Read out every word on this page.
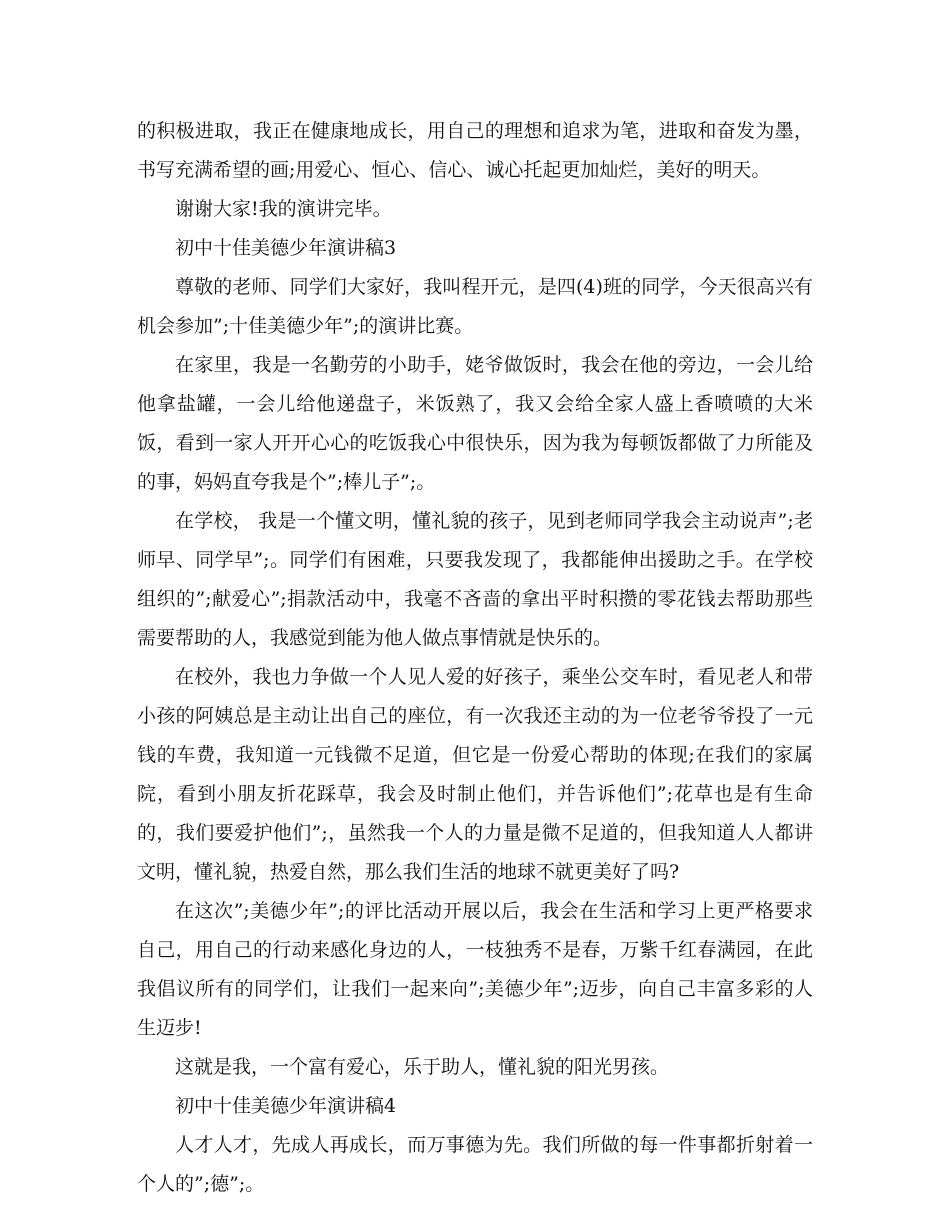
的积极进取，我正在健康地成长，用自己的理想和追求为笔，进取和奋发为墨，书写充满希望的画;用爱心、恒心、信心、诚心托起更加灿烂，美好的明天。

谢谢大家!我的演讲完毕。

初中十佳美德少年演讲稿3

尊敬的老师、同学们大家好，我叫程开元，是四(4)班的同学，今天很高兴有机会参加”;十佳美德少年”;的演讲比赛。

在家里，我是一名勤劳的小助手，姥爷做饭时，我会在他的旁边，一会儿给他拿盐罐，一会儿给他递盘子，米饭熟了，我又会给全家人盛上香喷喷的大米饭，看到一家人开开心心的吃饭我心中很快乐，因为我为每顿饭都做了力所能及的事，妈妈直夸我是个”;棒儿子”;。

在学校， 我是一个懂文明，懂礼貌的孩子，见到老师同学我会主动说声”;老师早、同学早”;。同学们有困难，只要我发现了，我都能伸出援助之手。在学校组织的”;献爱心”;捐款活动中，我毫不吝啬的拿出平时积攒的零花钱去帮助那些需要帮助的人，我感觉到能为他人做点事情就是快乐的。

在校外，我也力争做一个人见人爱的好孩子，乘坐公交车时，看见老人和带小孩的阿姨总是主动让出自己的座位，有一次我还主动的为一位老爷爷投了一元钱的车费，我知道一元钱微不足道，但它是一份爱心帮助的体现;在我们的家属院，看到小朋友折花踩草，我会及时制止他们，并告诉他们”;花草也是有生命的，我们要爱护他们”;，虽然我一个人的力量是微不足道的，但我知道人人都讲文明，懂礼貌，热爱自然，那么我们生活的地球不就更美好了吗?

在这次”;美德少年”;的评比活动开展以后，我会在生活和学习上更严格要求自己，用自己的行动来感化身边的人，一枝独秀不是春，万紫千红春满园，在此我倡议所有的同学们，让我们一起来向”;美德少年”;迈步，向自己丰富多彩的人生迈步!

这就是我，一个富有爱心，乐于助人，懂礼貌的阳光男孩。

初中十佳美德少年演讲稿4

人才人才，先成人再成长，而万事德为先。我们所做的每一件事都折射着一个人的”;德”;。
